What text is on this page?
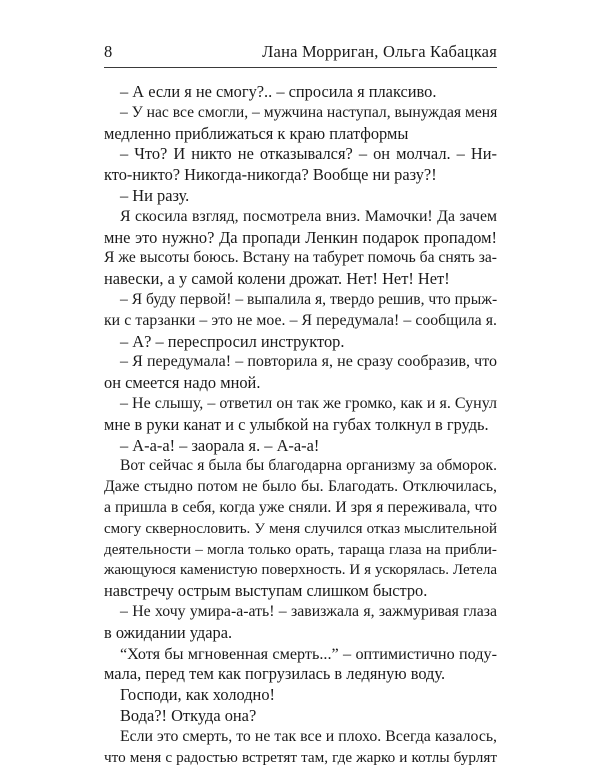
8	Лана Морриган, Ольга Кабацкая
– А если я не смогу?.. – спросила я плаксиво.
– У нас все смогли, – мужчина наступал, вынуждая меня
медленно приближаться к краю платформы
– Что? И никто не отказывался? – он молчал. – Ни-
кто-никто? Никогда-никогда? Вообще ни разу?!
– Ни разу.
Я скосила взгляд, посмотрела вниз. Мамочки! Да зачем
мне это нужно? Да пропади Ленкин подарок пропадом!
Я же высоты боюсь. Встану на табурет помочь ба снять за-
навески, а у самой колени дрожат. Нет! Нет! Нет!
– Я буду первой! – выпалила я, твердо решив, что прыж-
ки с тарзанки – это не мое. – Я передумала! – сообщила я.
– А? – переспросил инструктор.
– Я передумала! – повторила я, не сразу сообразив, что
он смеется надо мной.
– Не слышу, – ответил он так же громко, как и я. Сунул
мне в руки канат и с улыбкой на губах толкнул в грудь.
– А-а-а! – заорала я. – А-а-а!
Вот сейчас я была бы благодарна организму за обморок.
Даже стыдно потом не было бы. Благодать. Отключилась,
а пришла в себя, когда уже сняли. И зря я переживала, что
смогу сквернословить. У меня случился отказ мыслительной
деятельности – могла только орать, тараща глаза на прибли-
жающуюся каменистую поверхность. И я ускорялась. Летела
навстречу острым выступам слишком быстро.
– Не хочу умира-а-ать! – завизжала я, зажмуривая глаза
в ожидании удара.
“Хотя бы мгновенная смерть...” – оптимистично поду-
мала, перед тем как погрузилась в ледяную воду.
Господи, как холодно!
Вода?! Откуда она?
Если это смерть, то не так все и плохо. Всегда казалось,
что меня с радостью встретят там, где жарко и котлы бурлят
